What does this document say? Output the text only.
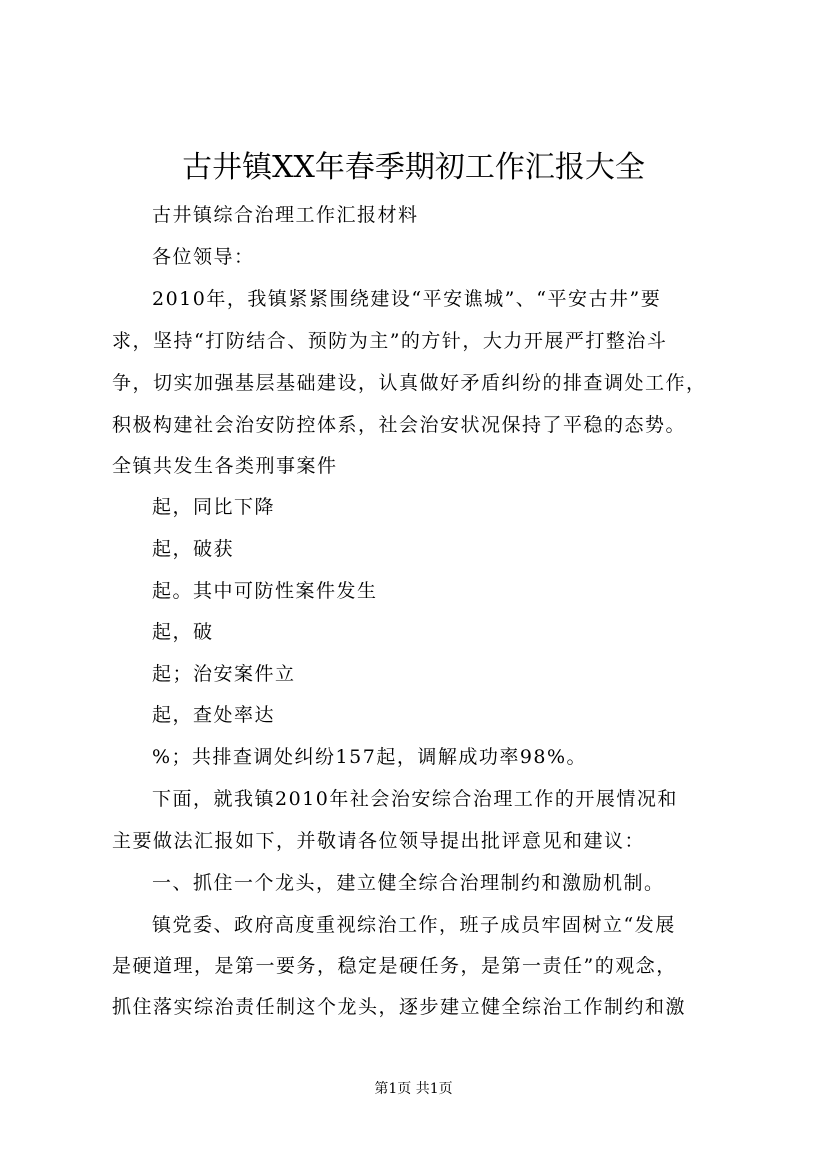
古井镇XX年春季期初工作汇报大全
古井镇综合治理工作汇报材料
各位领导：
2010年，我镇紧紧围绕建设“平安谯城”、“平安古井”要
求，坚持“打防结合、预防为主”的方针，大力开展严打整治斗
争，切实加强基层基础建设，认真做好矛盾纠纷的排查调处工作，
积极构建社会治安防控体系，社会治安状况保持了平稳的态势。
全镇共发生各类刑事案件
起，同比下降
起，破获
起。其中可防性案件发生
起，破
起；治安案件立
起，查处率达
%；共排查调处纠纷157起，调解成功率98%。
下面，就我镇2010年社会治安综合治理工作的开展情况和
主要做法汇报如下，并敬请各位领导提出批评意见和建议：
一、抓住一个龙头，建立健全综合治理制约和激励机制。
镇党委、政府高度重视综治工作，班子成员牢固树立“发展
是硬道理，是第一要务，稳定是硬任务，是第一责任”的观念，
抓住落实综治责任制这个龙头，逐步建立健全综治工作制约和激
第1页 共1页
